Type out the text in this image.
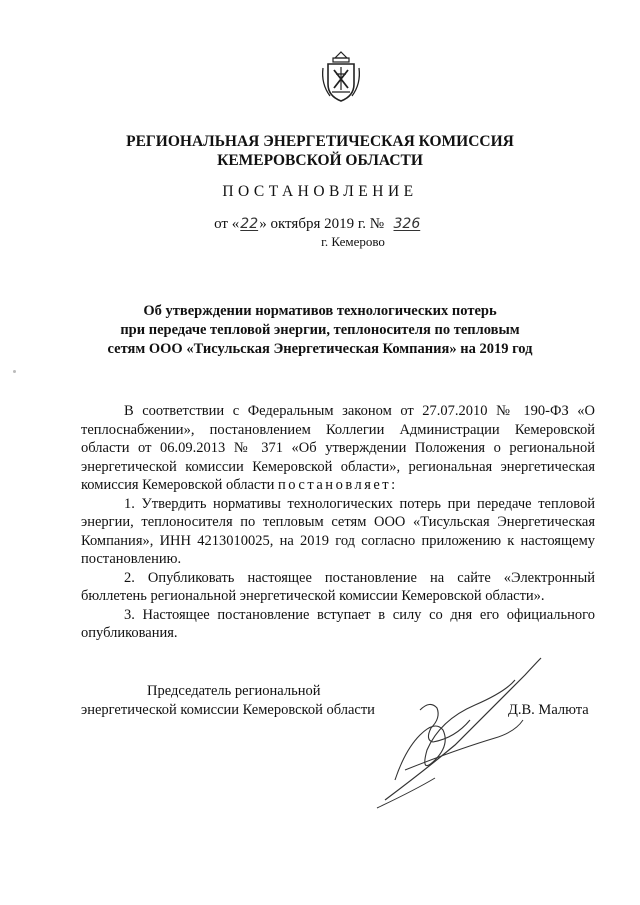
РЕГИОНАЛЬНАЯ ЭНЕРГЕТИЧЕСКАЯ КОМИССИЯ
КЕМЕРОВСКОЙ ОБЛАСТИ
ПОСТАНОВЛЕНИЕ
от «22» октября 2019 г. № 326
г. Кемерово
Об утверждении нормативов технологических потерь
при передаче тепловой энергии, теплоносителя по тепловым
сетям ООО «Тисульская Энергетическая Компания» на 2019 год

В соответствии с Федеральным законом от 27.07.2010 № 190-ФЗ «О теплоснабжении», постановлением Коллегии Администрации Кемеровской области от 06.09.2013 № 371 «Об утверждении Положения о региональной энергетической комиссии Кемеровской области», региональная энергетическая комиссия Кемеровской области постановляет:

1. Утвердить нормативы технологических потерь при передаче тепловой энергии, теплоносителя по тепловым сетям ООО «Тисульская Энергетическая Компания», ИНН 4213010025, на 2019 год согласно приложению к настоящему постановлению.

2. Опубликовать настоящее постановление на сайте «Электронный бюллетень региональной энергетической комиссии Кемеровской области».

3. Настоящее постановление вступает в силу со дня его официального опубликования.

Председатель региональной
энергетической комиссии Кемеровской области	Д.В. Малюта
